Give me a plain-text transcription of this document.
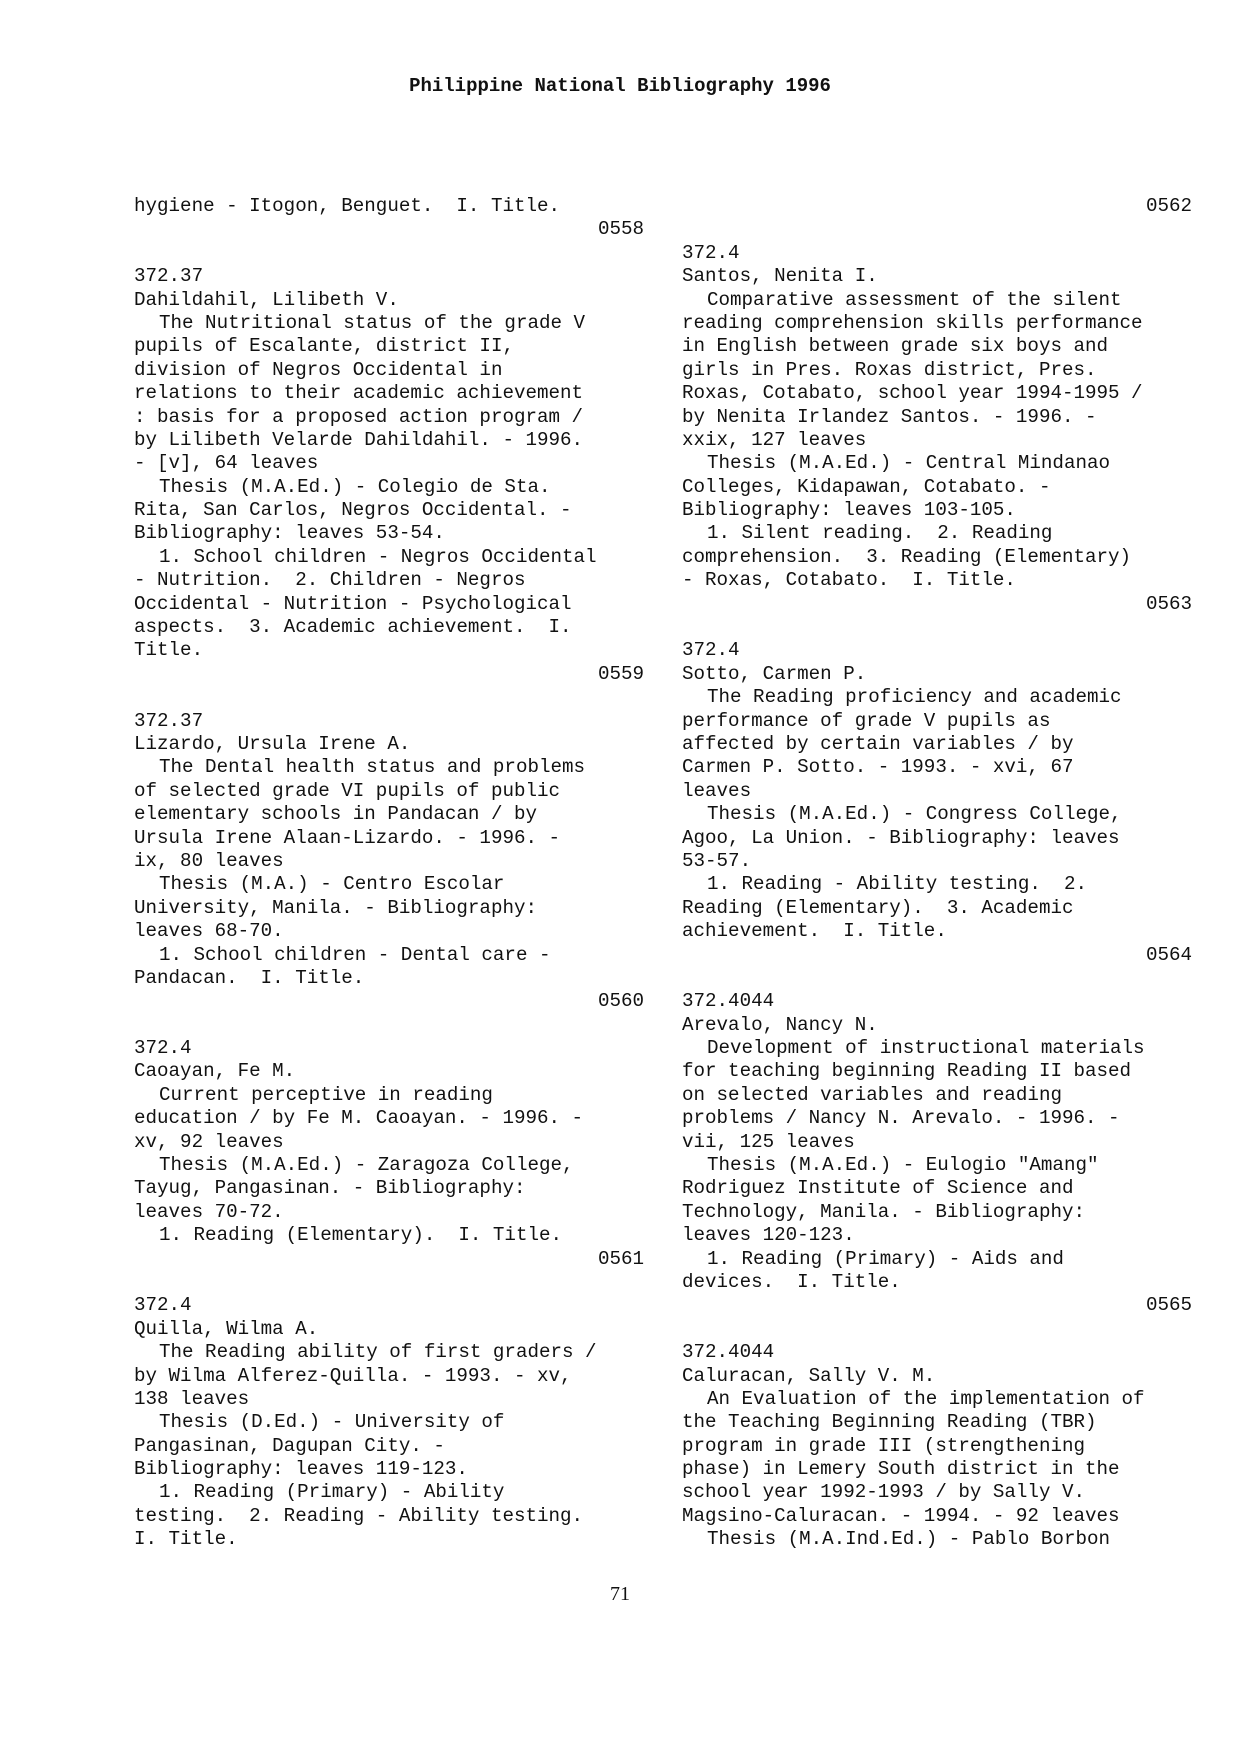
Philippine National Bibliography 1996
hygiene - Itogon, Benguet.  I. Title.
0558
372.37
Dahildahil, Lilibeth V.
The Nutritional status of the grade V
pupils of Escalante, district II,
division of Negros Occidental in
relations to their academic achievement
: basis for a proposed action program /
by Lilibeth Velarde Dahildahil. - 1996.
- [v], 64 leaves
Thesis (M.A.Ed.) - Colegio de Sta.
Rita, San Carlos, Negros Occidental. -
Bibliography: leaves 53-54.
1. School children - Negros Occidental
- Nutrition.  2. Children - Negros
Occidental - Nutrition - Psychological
aspects.  3. Academic achievement.  I.
Title.
0559
372.37
Lizardo, Ursula Irene A.
The Dental health status and problems
of selected grade VI pupils of public
elementary schools in Pandacan / by
Ursula Irene Alaan-Lizardo. - 1996. -
ix, 80 leaves
Thesis (M.A.) - Centro Escolar
University, Manila. - Bibliography:
leaves 68-70.
1. School children - Dental care -
Pandacan.  I. Title.
0560
372.4
Caoayan, Fe M.
Current perceptive in reading
education / by Fe M. Caoayan. - 1996. -
xv, 92 leaves
Thesis (M.A.Ed.) - Zaragoza College,
Tayug, Pangasinan. - Bibliography:
leaves 70-72.
1. Reading (Elementary).  I. Title.
0561
372.4
Quilla, Wilma A.
The Reading ability of first graders /
by Wilma Alferez-Quilla. - 1993. - xv,
138 leaves
Thesis (D.Ed.) - University of
Pangasinan, Dagupan City. -
Bibliography: leaves 119-123.
1. Reading (Primary) - Ability
testing.  2. Reading - Ability testing.
I. Title.
0562
372.4
Santos, Nenita I.
Comparative assessment of the silent
reading comprehension skills performance
in English between grade six boys and
girls in Pres. Roxas district, Pres.
Roxas, Cotabato, school year 1994-1995 /
by Nenita Irlandez Santos. - 1996. -
xxix, 127 leaves
Thesis (M.A.Ed.) - Central Mindanao
Colleges, Kidapawan, Cotabato. -
Bibliography: leaves 103-105.
1. Silent reading.  2. Reading
comprehension.  3. Reading (Elementary)
- Roxas, Cotabato.  I. Title.
0563
372.4
Sotto, Carmen P.
The Reading proficiency and academic
performance of grade V pupils as
affected by certain variables / by
Carmen P. Sotto. - 1993. - xvi, 67
leaves
Thesis (M.A.Ed.) - Congress College,
Agoo, La Union. - Bibliography: leaves
53-57.
1. Reading - Ability testing.  2.
Reading (Elementary).  3. Academic
achievement.  I. Title.
0564
372.4044
Arevalo, Nancy N.
Development of instructional materials
for teaching beginning Reading II based
on selected variables and reading
problems / Nancy N. Arevalo. - 1996. -
vii, 125 leaves
Thesis (M.A.Ed.) - Eulogio "Amang"
Rodriguez Institute of Science and
Technology, Manila. - Bibliography:
leaves 120-123.
1. Reading (Primary) - Aids and
devices.  I. Title.
0565
372.4044
Caluracan, Sally V. M.
An Evaluation of the implementation of
the Teaching Beginning Reading (TBR)
program in grade III (strengthening
phase) in Lemery South district in the
school year 1992-1993 / by Sally V.
Magsino-Caluracan. - 1994. - 92 leaves
Thesis (M.A.Ind.Ed.) - Pablo Borbon
71
